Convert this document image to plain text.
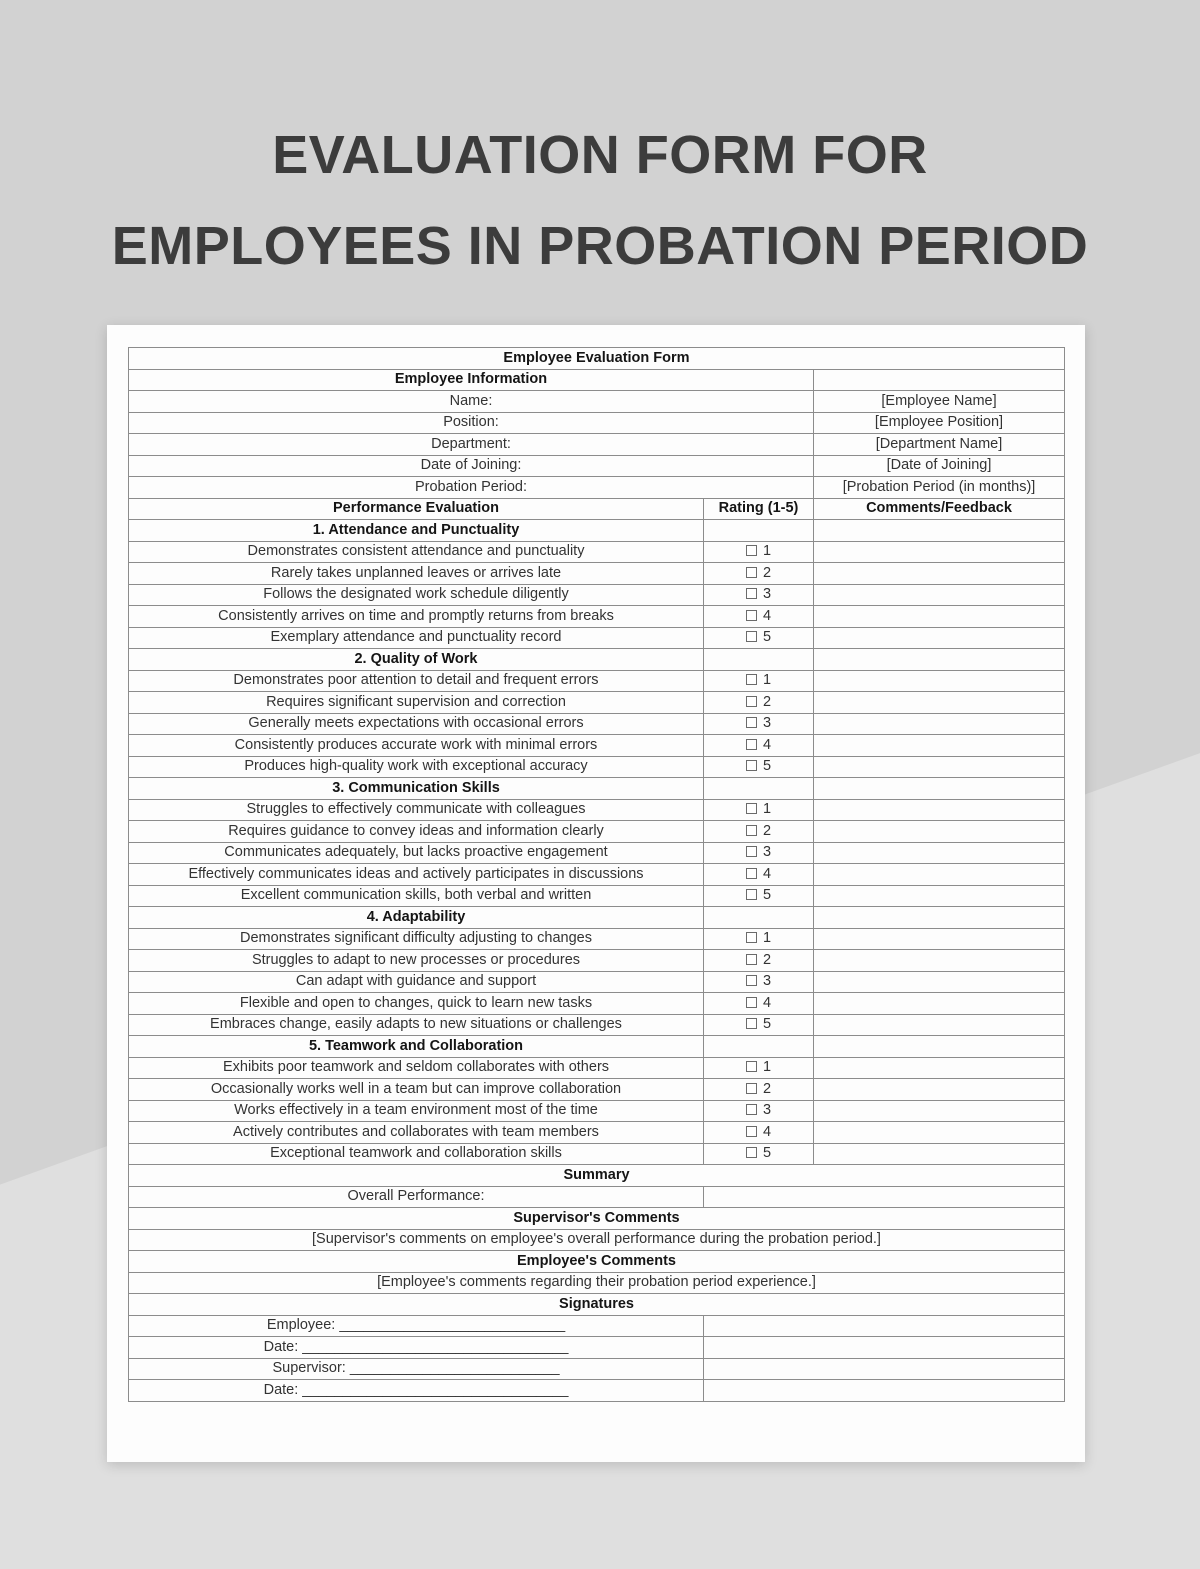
EVALUATION FORM FOR
EMPLOYEES IN PROBATION PERIOD
Employee Evaluation Form		
Employee Information		
Name:		[Employee Name]
Position:		[Employee Position]
Department:		[Department Name]
Date of Joining:		[Date of Joining]
Probation Period:		[Probation Period (in months)]
Performance Evaluation	Rating (1-5)	Comments/Feedback
1. Attendance and Punctuality		
Demonstrates consistent attendance and punctuality	1	
Rarely takes unplanned leaves or arrives late	2	
Follows the designated work schedule diligently	3	
Consistently arrives on time and promptly returns from breaks	4	
Exemplary attendance and punctuality record	5	
2. Quality of Work		
Demonstrates poor attention to detail and frequent errors	1	
Requires significant supervision and correction	2	
Generally meets expectations with occasional errors	3	
Consistently produces accurate work with minimal errors	4	
Produces high-quality work with exceptional accuracy	5	
3. Communication Skills		
Struggles to effectively communicate with colleagues	1	
Requires guidance to convey ideas and information clearly	2	
Communicates adequately, but lacks proactive engagement	3	
Effectively communicates ideas and actively participates in discussions	4	
Excellent communication skills, both verbal and written	5	
4. Adaptability		
Demonstrates significant difficulty adjusting to changes	1	
Struggles to adapt to new processes or procedures	2	
Can adapt with guidance and support	3	
Flexible and open to changes, quick to learn new tasks	4	
Embraces change, easily adapts to new situations or challenges	5	
5. Teamwork and Collaboration		
Exhibits poor teamwork and seldom collaborates with others	1	
Occasionally works well in a team but can improve collaboration	2	
Works effectively in a team environment most of the time	3	
Actively contributes and collaborates with team members	4	
Exceptional teamwork and collaboration skills	5	
Summary		
Overall Performance:		
Supervisor's Comments		
[Supervisor's comments on employee's overall performance during the probation period.]		
Employee's Comments		
[Employee's comments regarding their probation period experience.]		
Signatures		
Employee: ____________________________		
Date: _________________________________		
Supervisor: __________________________		
Date: _________________________________		
